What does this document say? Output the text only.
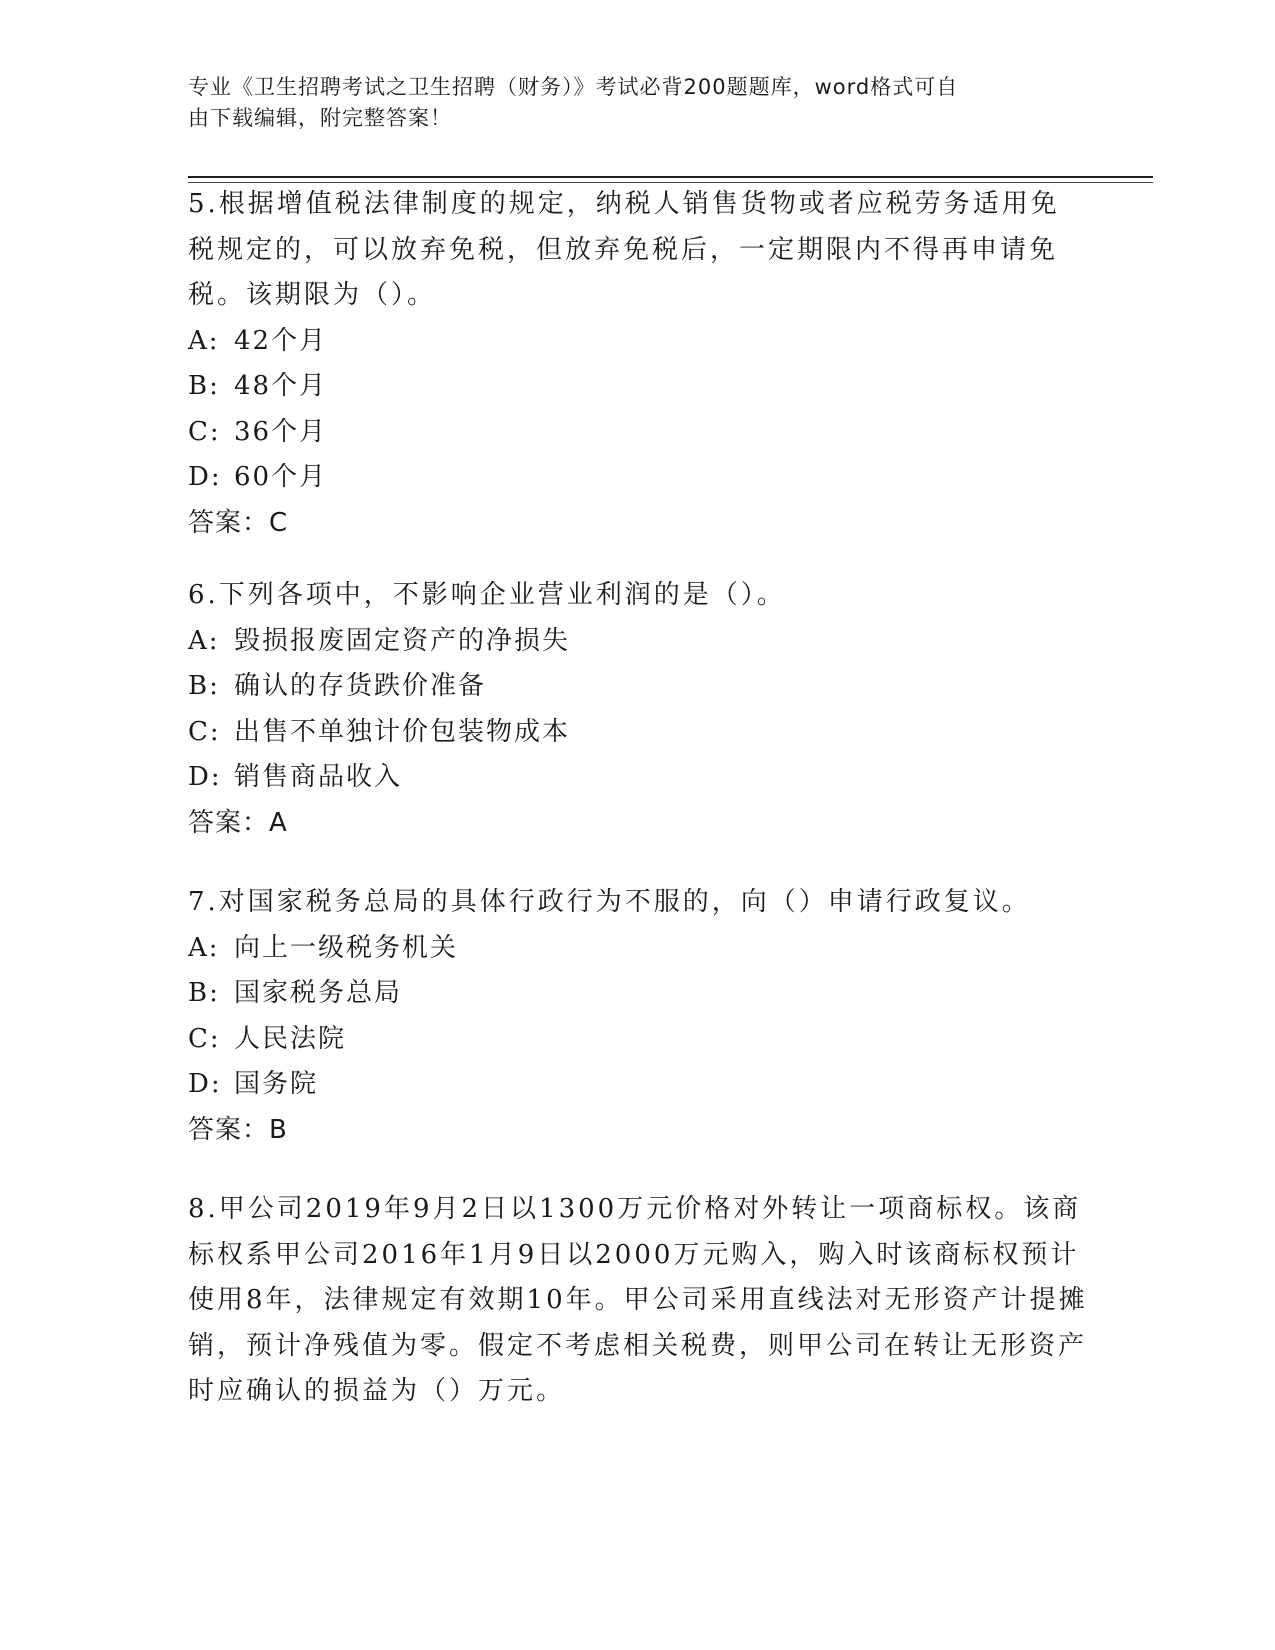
专业《卫生招聘考试之卫生招聘（财务）》考试必背200题题库，word格式可自
由下载编辑，附完整答案！

5.根据增值税法律制度的规定，纳税人销售货物或者应税劳务适用免税规定的，可以放弃免税，但放弃免税后，一定期限内不得再申请免税。该期限为（）。

A: 42个月
B: 48个月
C: 36个月
D: 60个月

答案：C

6.下列各项中，不影响企业营业利润的是（）。

A: 毁损报废固定资产的净损失
B: 确认的存货跌价准备
C: 出售不单独计价包装物成本
D: 销售商品收入

答案：A

7.对国家税务总局的具体行政行为不服的，向（）申请行政复议。

A: 向上一级税务机关
B: 国家税务总局
C: 人民法院
D: 国务院

答案：B

8.甲公司2019年9月2日以1300万元价格对外转让一项商标权。该商标权系甲公司2016年1月9日以2000万元购入，购入时该商标权预计使用8年，法律规定有效期10年。甲公司采用直线法对无形资产计提摊销，预计净残值为零。假定不考虑相关税费，则甲公司在转让无形资产时应确认的损益为（）万元。
